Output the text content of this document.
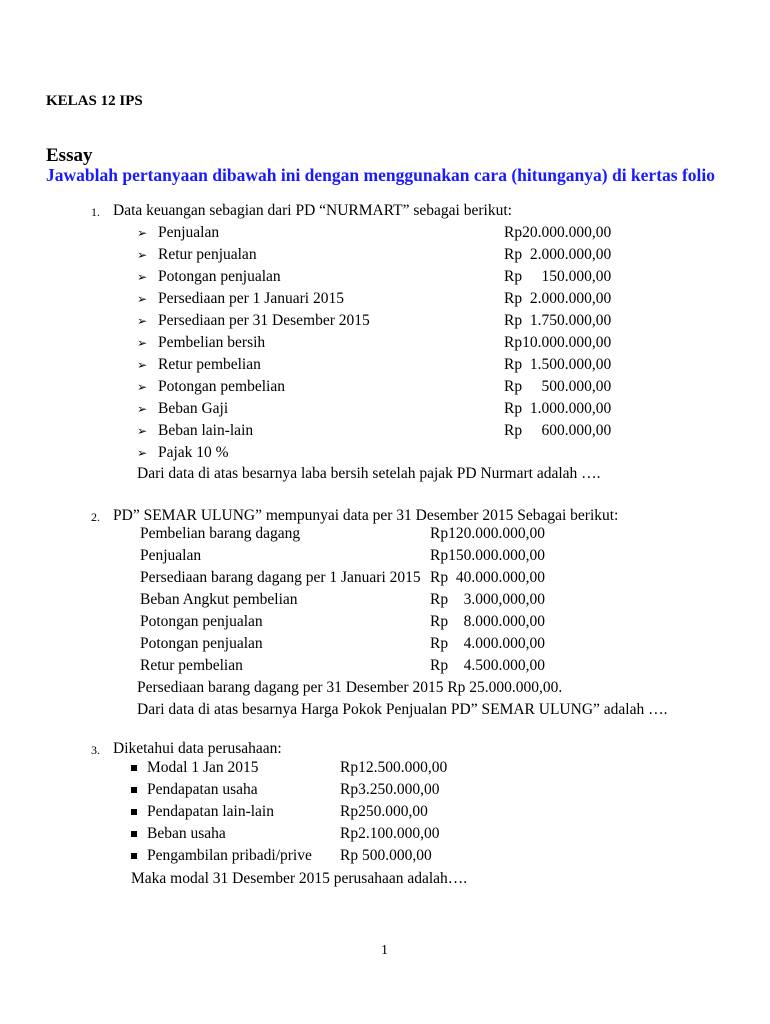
KELAS 12 IPS
Essay
Jawablah pertanyaan dibawah ini dengan menggunakan cara (hitunganya) di kertas folio
1. Data keuangan sebagian dari PD “NURMART” sebagai berikut:
➢ Penjualan	Rp20.000.000,00
➢ Retur penjualan	Rp  2.000.000,00
➢ Potongan penjualan	Rp     150.000,00
➢ Persediaan per 1 Januari 2015	Rp  2.000.000,00
➢ Persediaan per 31 Desember 2015	Rp  1.750.000,00
➢ Pembelian bersih	Rp10.000.000,00
➢ Retur pembelian	Rp  1.500.000,00
➢ Potongan pembelian	Rp     500.000,00
➢ Beban Gaji	Rp  1.000.000,00
➢ Beban lain-lain	Rp     600.000,00
➢ Pajak 10 %
Dari data di atas besarnya laba bersih setelah pajak PD Nurmart adalah ….
2. PD” SEMAR ULUNG” mempunyai data per 31 Desember 2015 Sebagai berikut:
Pembelian barang dagang	Rp120.000.000,00
Penjualan	Rp150.000.000,00
Persediaan barang dagang per 1 Januari 2015 Rp  40.000.000,00
Beban Angkut pembelian	Rp    3.000,000,00
Potongan penjualan	Rp    8.000.000,00
Potongan penjualan	Rp    4.000.000,00
Retur pembelian	Rp    4.500.000,00
Persediaan barang dagang per 31 Desember 2015 Rp 25.000.000,00.
Dari data di atas besarnya Harga Pokok Penjualan PD” SEMAR ULUNG” adalah ….
3. Diketahui data perusahaan:
Modal 1 Jan 2015	Rp12.500.000,00
Pendapatan usaha	Rp3.250.000,00
Pendapatan lain-lain	Rp250.000,00
Beban usaha	Rp2.100.000,00
Pengambilan pribadi/prive Rp 500.000,00
Maka modal 31 Desember 2015 perusahaan adalah….
1
